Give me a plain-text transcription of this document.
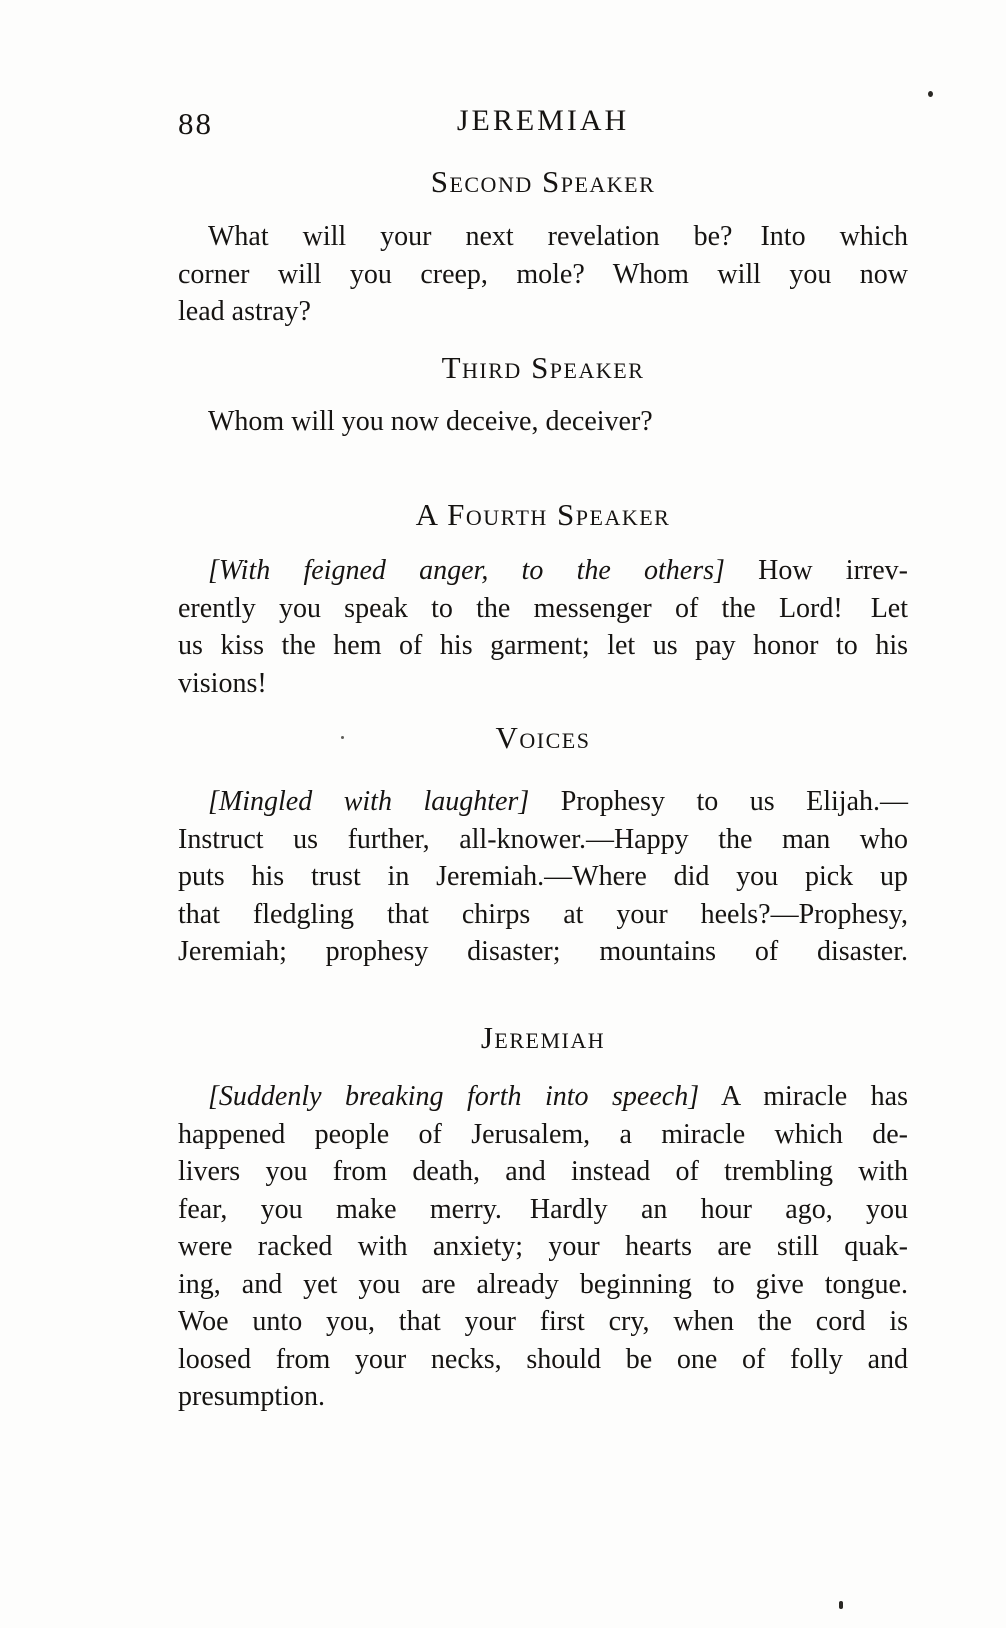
88	JEREMIAH
Second Speaker
What will your next revelation be? Into which
corner will you creep, mole? Whom will you now
lead astray?
Third Speaker
Whom will you now deceive, deceiver?
A Fourth Speaker
[With feigned anger, to the others] How irrev-
erently you speak to the messenger of the Lord! Let
us kiss the hem of his garment; let us pay honor to his
visions!
Voices
[Mingled with laughter] Prophesy to us Elijah.—
Instruct us further, all-knower.—Happy the man who
puts his trust in Jeremiah.—Where did you pick up
that fledgling that chirps at your heels?—Prophesy,
Jeremiah; prophesy disaster; mountains of disaster.
Jeremiah
[Suddenly breaking forth into speech] A miracle has
happened people of Jerusalem, a miracle which de-
livers you from death, and instead of trembling with
fear, you make merry. Hardly an hour ago, you
were racked with anxiety; your hearts are still quak-
ing, and yet you are already beginning to give tongue.
Woe unto you, that your first cry, when the cord is
loosed from your necks, should be one of folly and
presumption.
